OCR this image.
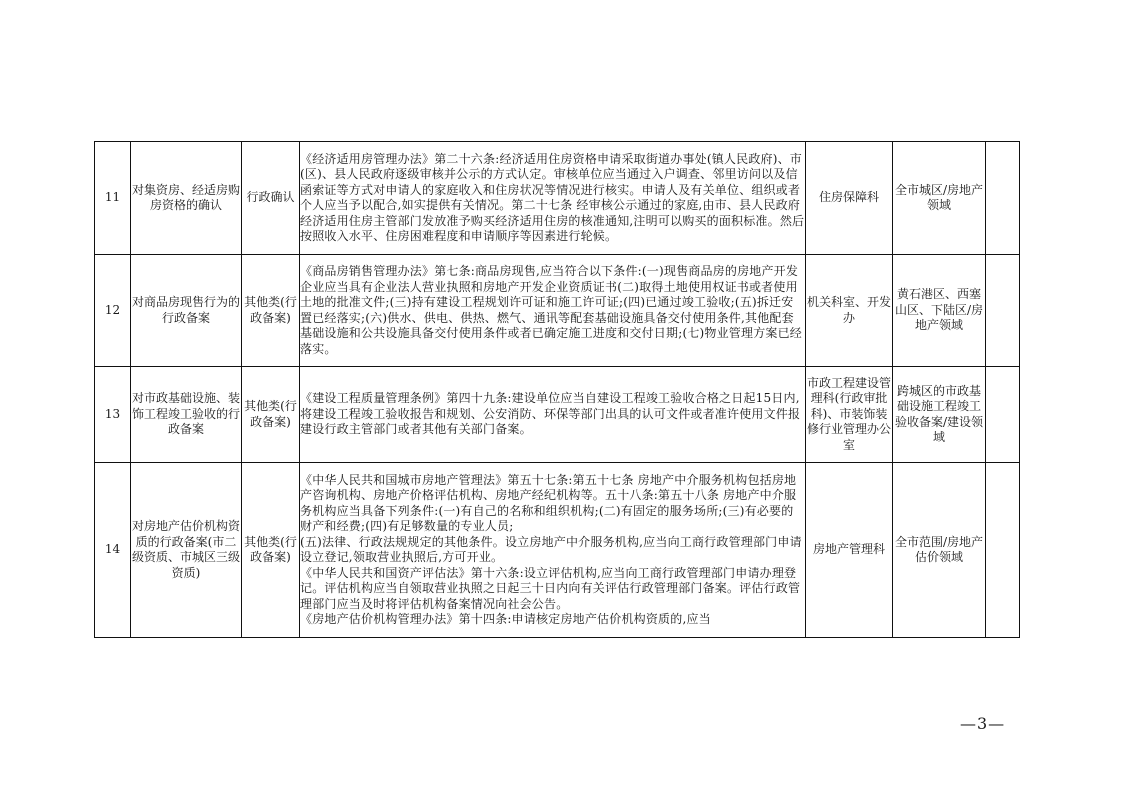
11	对集资房、经适房购房资格的确认	行政确认	《经济适用房管理办法》第二十六条:经济适用住房资格申请采取街道办事处(镇人民政府)、市(区)、县人民政府逐级审核并公示的方式认定。审核单位应当通过入户调查、邻里访问以及信函索证等方式对申请人的家庭收入和住房状况等情况进行核实。申请人及有关单位、组织或者个人应当予以配合,如实提供有关情况。第二十七条 经审核公示通过的家庭,由市、县人民政府经济适用住房主管部门发放准予购买经济适用住房的核准通知,注明可以购买的面积标准。然后按照收入水平、住房困难程度和申请顺序等因素进行轮候。	住房保障科	全市城区/房地产领域	
12	对商品房现售行为的行政备案	其他类(行政备案)	《商品房销售管理办法》第七条:商品房现售,应当符合以下条件:(一)现售商品房的房地产开发企业应当具有企业法人营业执照和房地产开发企业资质证书(二)取得土地使用权证书或者使用土地的批准文件;(三)持有建设工程规划许可证和施工许可证;(四)已通过竣工验收;(五)拆迁安置已经落实;(六)供水、供电、供热、燃气、通讯等配套基础设施具备交付使用条件,其他配套基础设施和公共设施具备交付使用条件或者已确定施工进度和交付日期;(七)物业管理方案已经落实。	机关科室、开发办	黄石港区、西塞山区、下陆区/房地产领域	
13	对市政基础设施、装饰工程竣工验收的行政备案	其他类(行政备案)	《建设工程质量管理条例》第四十九条:建设单位应当自建设工程竣工验收合格之日起15日内,将建设工程竣工验收报告和规划、公安消防、环保等部门出具的认可文件或者准许使用文件报建设行政主管部门或者其他有关部门备案。	市政工程建设管理科(行政审批科)、市装饰装修行业管理办公室	跨城区的市政基础设施工程竣工验收备案/建设领域	
14	对房地产估价机构资质的行政备案(市二级资质、市城区三级资质)	其他类(行政备案)	《中华人民共和国城市房地产管理法》第五十七条:第五十七条 房地产中介服务机构包括房地产咨询机构、房地产价格评估机构、房地产经纪机构等。五十八条:第五十八条 房地产中介服务机构应当具备下列条件:(一)有自己的名称和组织机构;(二)有固定的服务场所;(三)有必要的财产和经费;(四)有足够数量的专业人员;
(五)法律、行政法规规定的其他条件。设立房地产中介服务机构,应当向工商行政管理部门申请设立登记,领取营业执照后,方可开业。
《中华人民共和国资产评估法》第十六条:设立评估机构,应当向工商行政管理部门申请办理登记。评估机构应当自领取营业执照之日起三十日内向有关评估行政管理部门备案。评估行政管理部门应当及时将评估机构备案情况向社会公告。
《房地产估价机构管理办法》第十四条:申请核定房地产估价机构资质的,应当	房地产管理科	全市范围/房地产估价领域	
—3—
